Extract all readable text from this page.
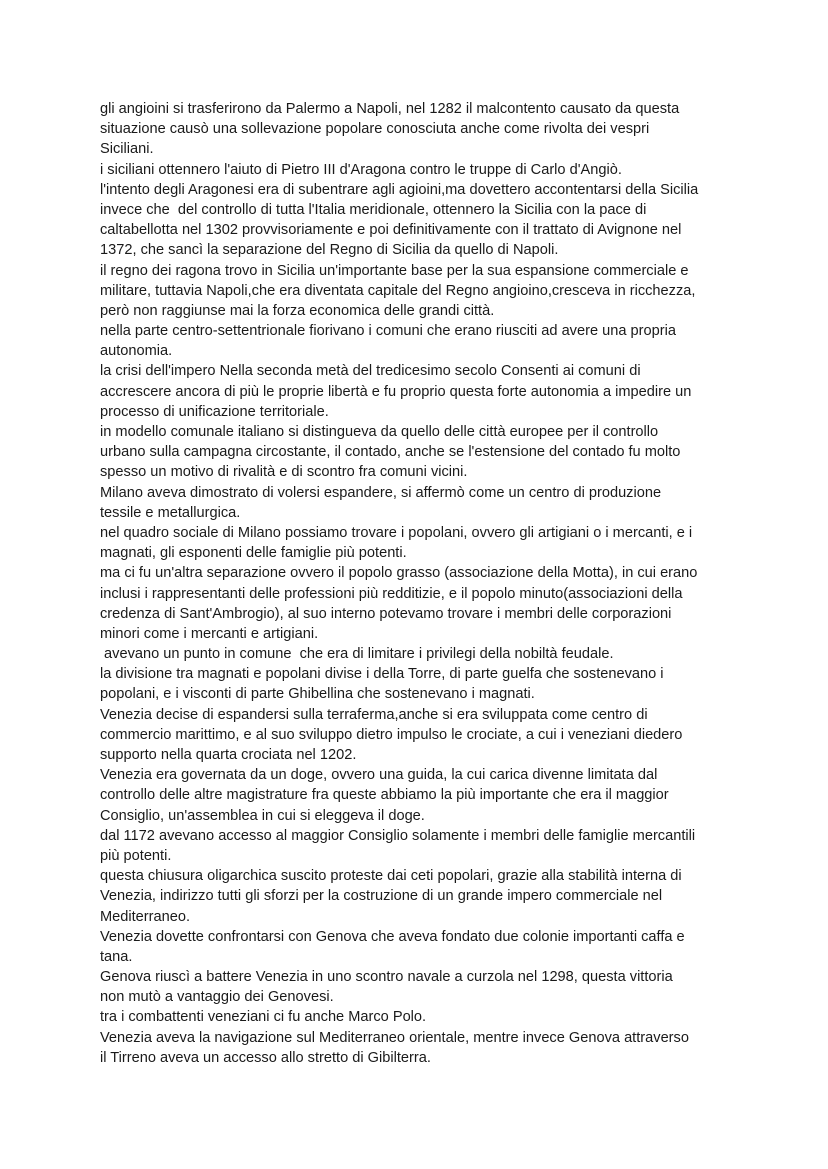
gli angioini si trasferirono da Palermo a Napoli, nel 1282 il malcontento causato da questa
situazione causò una sollevazione popolare conosciuta anche come rivolta dei vespri
Siciliani.
i siciliani ottennero l'aiuto di Pietro III d'Aragona contro le truppe di Carlo d'Angiò.
l'intento degli Aragonesi era di subentrare agli agioini,ma dovettero accontentarsi della Sicilia
invece che  del controllo di tutta l'Italia meridionale, ottennero la Sicilia con la pace di
caltabellotta nel 1302 provvisoriamente e poi definitivamente con il trattato di Avignone nel
1372, che sancì la separazione del Regno di Sicilia da quello di Napoli.
il regno dei ragona trovo in Sicilia un'importante base per la sua espansione commerciale e
militare, tuttavia Napoli,che era diventata capitale del Regno angioino,cresceva in ricchezza,
però non raggiunse mai la forza economica delle grandi città.
nella parte centro-settentrionale fiorivano i comuni che erano riusciti ad avere una propria
autonomia.
la crisi dell'impero Nella seconda metà del tredicesimo secolo Consenti ai comuni di
accrescere ancora di più le proprie libertà e fu proprio questa forte autonomia a impedire un
processo di unificazione territoriale.
in modello comunale italiano si distingueva da quello delle città europee per il controllo
urbano sulla campagna circostante, il contado, anche se l'estensione del contado fu molto
spesso un motivo di rivalità e di scontro fra comuni vicini.
Milano aveva dimostrato di volersi espandere, si affermò come un centro di produzione
tessile e metallurgica.
nel quadro sociale di Milano possiamo trovare i popolani, ovvero gli artigiani o i mercanti, e i
magnati, gli esponenti delle famiglie più potenti.
ma ci fu un'altra separazione ovvero il popolo grasso (associazione della Motta), in cui erano
inclusi i rappresentanti delle professioni più redditizie, e il popolo minuto(associazioni della
credenza di Sant'Ambrogio), al suo interno potevamo trovare i membri delle corporazioni
minori come i mercanti e artigiani.
avevano un punto in comune  che era di limitare i privilegi della nobiltà feudale.
la divisione tra magnati e popolani divise i della Torre, di parte guelfa che sostenevano i
popolani, e i visconti di parte Ghibellina che sostenevano i magnati.
Venezia decise di espandersi sulla terraferma,anche si era sviluppata come centro di
commercio marittimo, e al suo sviluppo dietro impulso le crociate, a cui i veneziani diedero
supporto nella quarta crociata nel 1202.
Venezia era governata da un doge, ovvero una guida, la cui carica divenne limitata dal
controllo delle altre magistrature fra queste abbiamo la più importante che era il maggior
Consiglio, un'assemblea in cui si eleggeva il doge.
dal 1172 avevano accesso al maggior Consiglio solamente i membri delle famiglie mercantili
più potenti.
questa chiusura oligarchica suscito proteste dai ceti popolari, grazie alla stabilità interna di
Venezia, indirizzo tutti gli sforzi per la costruzione di un grande impero commerciale nel
Mediterraneo.
Venezia dovette confrontarsi con Genova che aveva fondato due colonie importanti caffa e
tana.
Genova riuscì a battere Venezia in uno scontro navale a curzola nel 1298, questa vittoria
non mutò a vantaggio dei Genovesi.
tra i combattenti veneziani ci fu anche Marco Polo.
Venezia aveva la navigazione sul Mediterraneo orientale, mentre invece Genova attraverso
il Tirreno aveva un accesso allo stretto di Gibilterra.
